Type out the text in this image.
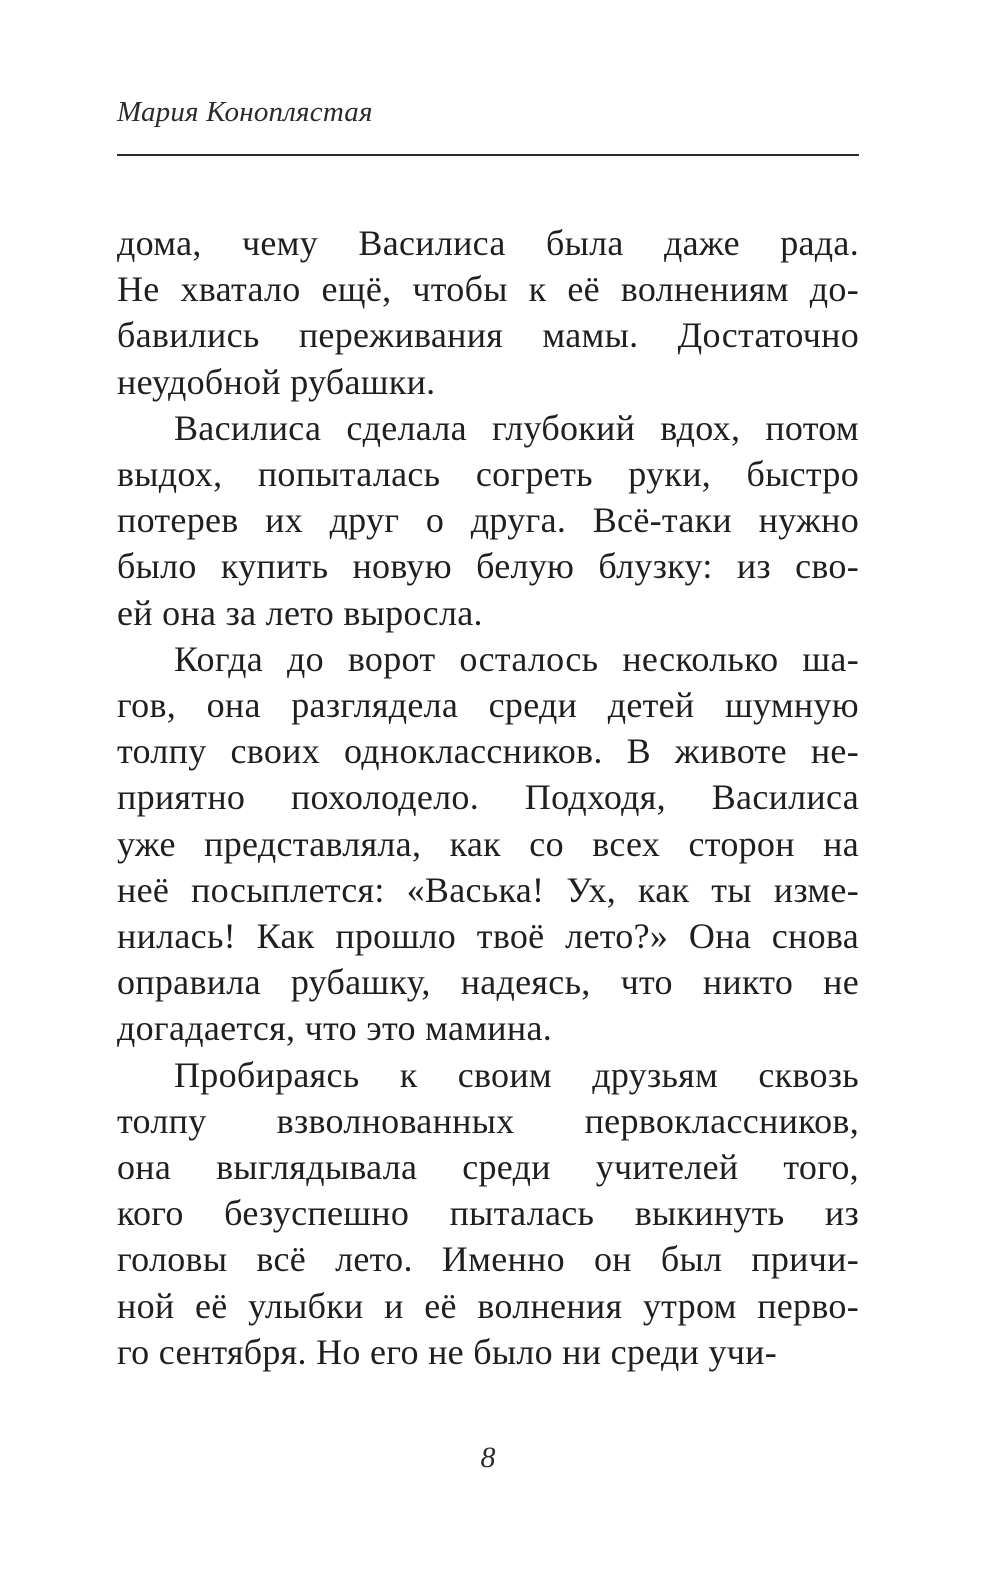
Мария Коноплястая
дома, чему Василиса была даже рада.
Не хватало ещё, чтобы к её волнениям до-
бавились переживания мамы. Достаточно
неудобной рубашки.
Василиса сделала глубокий вдох, потом
выдох, попыталась согреть руки, быстро
потерев их друг о друга. Всё-таки нужно
было купить новую белую блузку: из сво-
ей она за лето выросла.
Когда до ворот осталось несколько ша-
гов, она разглядела среди детей шумную
толпу своих одноклассников. В животе не-
приятно похолодело. Подходя, Василиса
уже представляла, как со всех сторон на
неё посыплется: «Васька! Ух, как ты изме-
нилась! Как прошло твоё лето?» Она снова
оправила рубашку, надеясь, что никто не
догадается, что это мамина.
Пробираясь к своим друзьям сквозь
толпу взволнованных первоклассников,
она выглядывала среди учителей того,
кого безуспешно пыталась выкинуть из
головы всё лето. Именно он был причи-
ной её улыбки и её волнения утром перво-
го сентября. Но его не было ни среди учи-
8
